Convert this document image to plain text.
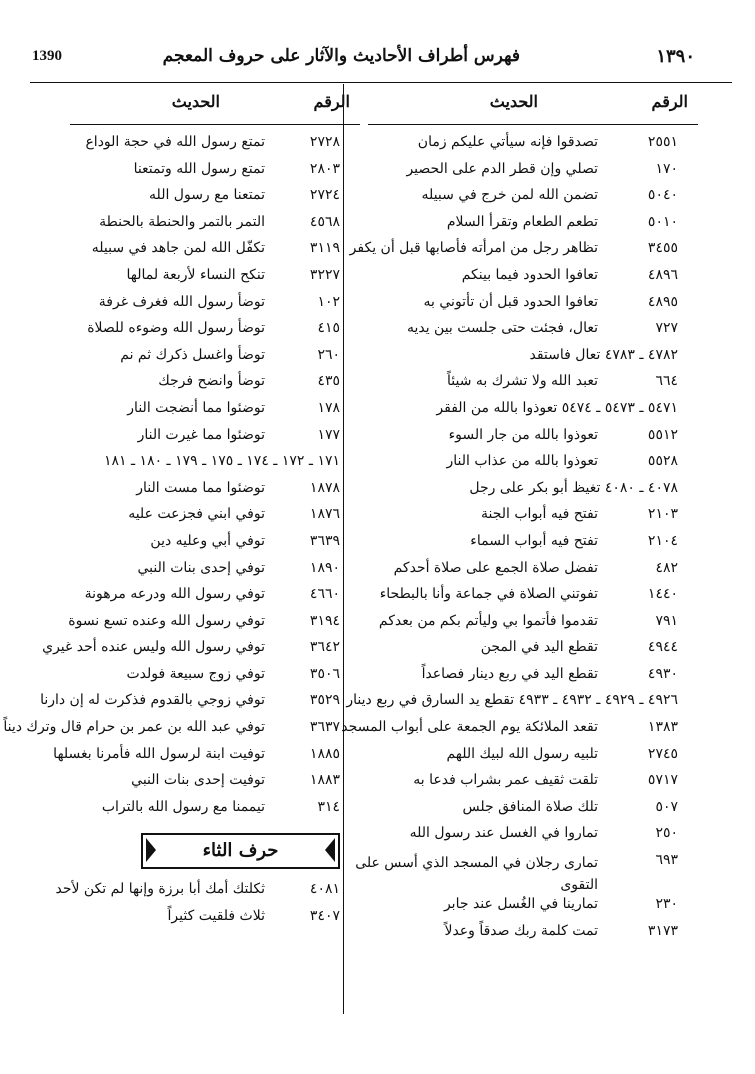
١٣٩٠
فهرس أطراف الأحاديث والآثار على حروف المعجم
1390
الرقم
الحديث
٢٥٥١
تصدقوا فإنه سيأتي عليكم زمان
١٧٠
تصلي وإن قطر الدم على الحصير
٥٠٤٠
تضمن الله لمن خرج في سبيله
٥٠١٠
تطعم الطعام وتقرأ السلام
٣٤٥٥
تظاهر رجل من امرأته فأصابها قبل أن يكفر
٤٨٩٦
تعافوا الحدود فيما بينكم
٤٨٩٥
تعافوا الحدود قبل أن تأتوني به
٧٢٧
تعال، فجئت حتى جلست بين يديه
٤٧٨٢ ـ ٤٧٨٣ تعال فاستقد
٦٦٤
تعبد الله ولا تشرك به شيئاً
٥٤٧١ ـ ٥٤٧٣ ـ ٥٤٧٤ تعوذوا بالله من الفقر
٥٥١٢
تعوذوا بالله من جار السوء
٥٥٢٨
تعوذوا بالله من عذاب النار
٤٠٧٨ ـ ٤٠٨٠ تغيظ أبو بكر على رجل
٢١٠٣
تفتح فيه أبواب الجنة
٢١٠٤
تفتح فيه أبواب السماء
٤٨٢
تفضل صلاة الجمع على صلاة أحدكم
١٤٤٠
تفوتني الصلاة في جماعة وأنا بالبطحاء
٧٩١
تقدموا فأتموا بي وليأتم بكم من بعدكم
٤٩٤٤
تقطع اليد في المجن
٤٩٣٠
تقطع اليد في ربع دينار فصاعداً
٤٩٢٦ ـ ٤٩٢٩ ـ ٤٩٣٢ ـ ٤٩٣٣ تقطع يد السارق في ربع دينار
١٣٨٣
تقعد الملائكة يوم الجمعة على أبواب المسجد
٢٧٤٥
تلبيه رسول الله لبيك اللهم
٥٧١٧
تلقت ثقيف عمر بشراب فدعا به
٥٠٧
تلك صلاة المنافق جلس
٢٥٠
تماروا في الغسل عند رسول الله
٦٩٣
تمارى رجلان في المسجد الذي أسس على التقوى
٢٣٠
تمارينا في الغُسل عند جابر
٣١٧٣
تمت كلمة ربك صدقاً وعدلاً
الرقم
الحديث
٢٧٢٨
تمتع رسول الله في حجة الوداع
٢٨٠٣
تمتع رسول الله وتمتعنا
٢٧٢٤
تمتعنا مع رسول الله
٤٥٦٨
التمر بالتمر والحنطة بالحنطة
٣١١٩
تكفّل الله لمن جاهد في سبيله
٣٢٢٧
تنكح النساء لأربعة لمالها
١٠٢
توضأ رسول الله فغرف غرفة
٤١٥
توضأ رسول الله وضوءه للصلاة
٢٦٠
توضأ واغسل ذكرك ثم نم
٤٣٥
توضأ وانضح فرجك
١٧٨
توضئوا مما أنضجت النار
١٧٧
توضئوا مما غيرت النار
١٧١ ـ ١٧٢ ـ ١٧٤ ـ ١٧٥ ـ ١٧٩ ـ ١٨٠ ـ ١٨١
١٨٧٨
توضئوا مما مست النار
١٨٧٦
توفي ابني فجزعت عليه
٣٦٣٩
توفي أبي وعليه دين
١٨٩٠
توفي إحدى بنات النبي
٤٦٦٠
توفي رسول الله ودرعه مرهونة
٣١٩٤
توفي رسول الله وعنده تسع نسوة
٣٦٤٢
توفي رسول الله وليس عنده أحد غيري
٣٥٠٦
توفي زوج سبيعة فولدت
٣٥٢٩
توفي زوجي بالقدوم فذكرت له إن دارنا
٣٦٣٧
توفي عبد الله بن عمر بن حرام قال وترك ديناً
١٨٨٥
توفيت ابنة لرسول الله فأمرنا بغسلها
١٨٨٣
توفيت إحدى بنات النبي
٣١٤
تيممنا مع رسول الله بالتراب
حرف الثاء
٤٠٨١
ثكلتك أمك أبا برزة وإنها لم تكن لأحد
٣٤٠٧
ثلاث فلقيت كثيراً
